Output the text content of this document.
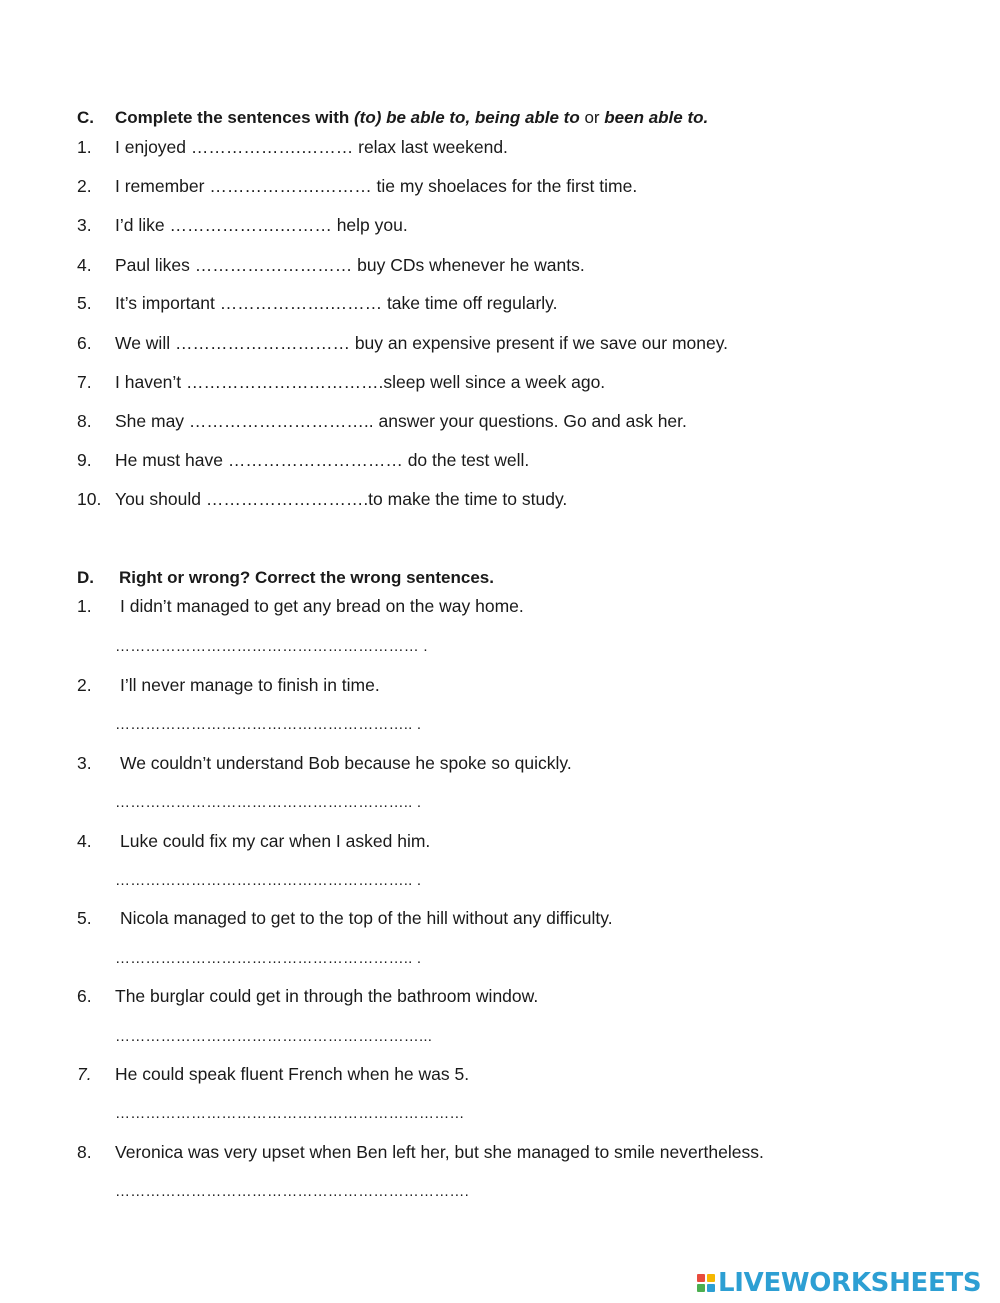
C. Complete the sentences with (to) be able to, being able to or been able to.
1. I enjoyed ……………….……… relax last weekend.
2. I remember ……………….……… tie my shoelaces for the first time.
3. I’d like ……………….……… help you.
4. Paul likes ……………………… buy CDs whenever he wants.
5. It’s important ……………….……… take time off regularly.
6. We will ………………………… buy an expensive present if we save our money.
7. I haven’t …………………………….sleep well since a week ago.
8. She may ………………………….. answer your questions. Go and ask her.
9. He must have ………………………… do the test well.
10. You should ……………………….to make the time to study.
D. Right or wrong? Correct the wrong sentences.
1. I didn’t managed to get any bread on the way home.
…………………………………………………… .
2. I’ll never manage to finish in time.
………………………………………………….. .
3. We couldn’t understand Bob because he spoke so quickly.
………………………………………………….. .
4. Luke could fix my car when I asked him.
………………………………………………….. .
5. Nicola managed to get to the top of the hill without any difficulty.
………………………………………………….. .
6. The burglar could get in through the bathroom window.
……………………………………………………...
7. He could speak fluent French when he was 5.
……………………………………………………………
8. Veronica was very upset when Ben left her, but she managed to smile nevertheless.
…………………………………………………………….
LIVEWORKSHEETS
